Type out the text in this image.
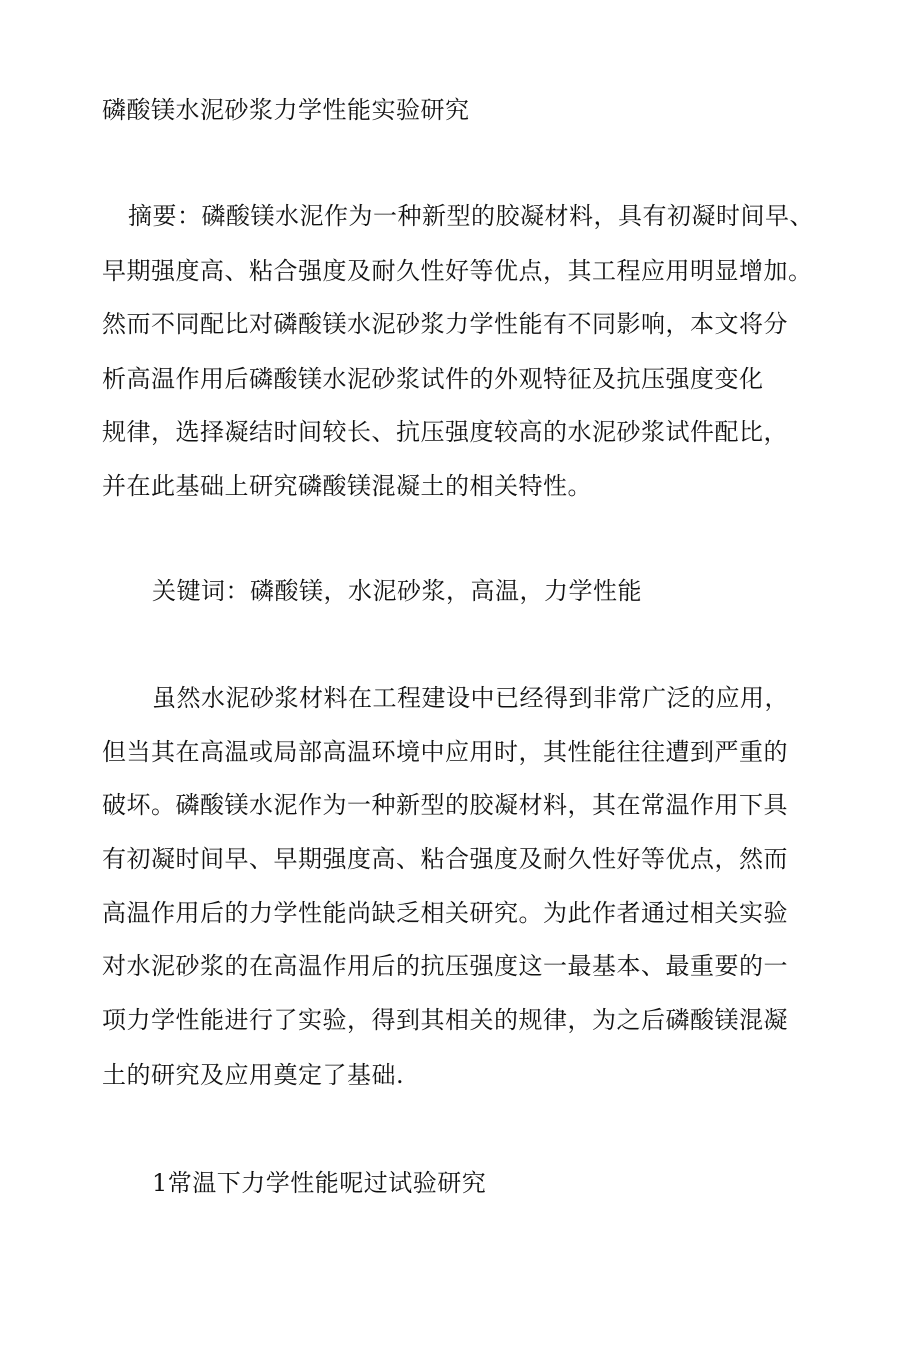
磷酸镁水泥砂浆力学性能实验研究
摘要：磷酸镁水泥作为一种新型的胶凝材料，具有初凝时间早、
早期强度高、粘合强度及耐久性好等优点，其工程应用明显增加。
然而不同配比对磷酸镁水泥砂浆力学性能有不同影响，本文将分
析高温作用后磷酸镁水泥砂浆试件的外观特征及抗压强度变化
规律，选择凝结时间较长、抗压强度较高的水泥砂浆试件配比，
并在此基础上研究磷酸镁混凝土的相关特性。
关键词：磷酸镁，水泥砂浆，高温，力学性能
虽然水泥砂浆材料在工程建设中已经得到非常广泛的应用，
但当其在高温或局部高温环境中应用时，其性能往往遭到严重的
破坏。磷酸镁水泥作为一种新型的胶凝材料，其在常温作用下具
有初凝时间早、早期强度高、粘合强度及耐久性好等优点，然而
高温作用后的力学性能尚缺乏相关研究。为此作者通过相关实验
对水泥砂浆的在高温作用后的抗压强度这一最基本、最重要的一
项力学性能进行了实验，得到其相关的规律，为之后磷酸镁混凝
土的研究及应用奠定了基础.
1常温下力学性能呢过试验研究
